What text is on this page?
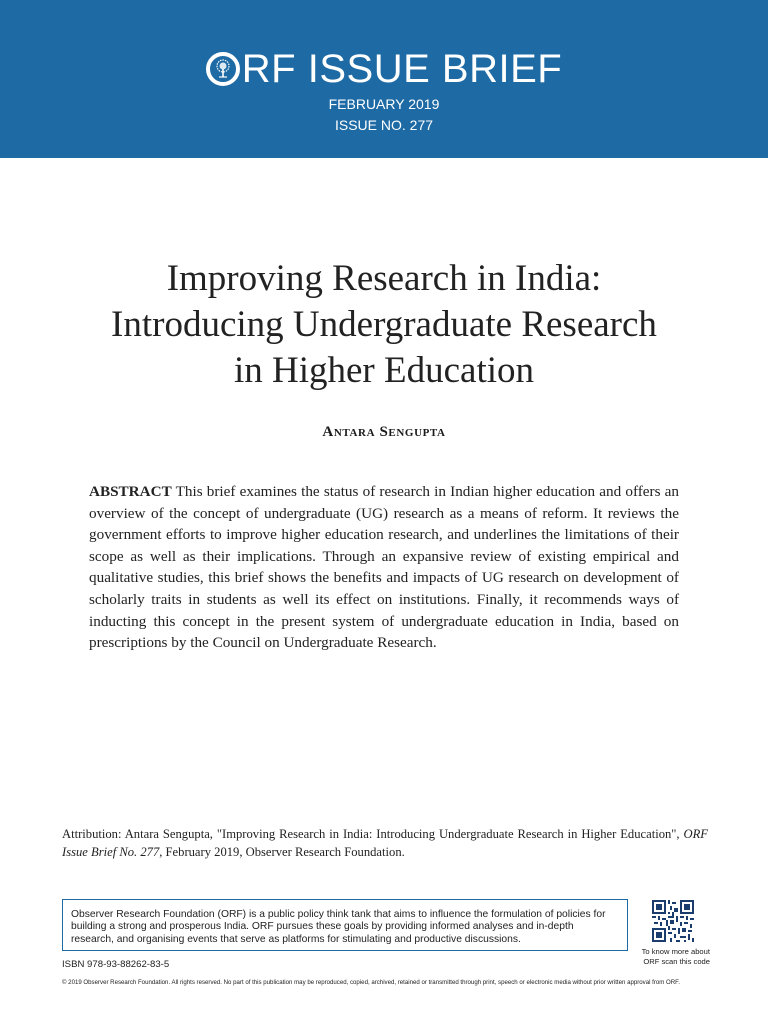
RF ISSUE BRIEF
FEBRUARY 2019
ISSUE NO. 277
Improving Research in India:
Introducing Undergraduate Research
in Higher Education
Antara Sengupta
ABSTRACT This brief examines the status of research in Indian higher education and offers an overview of the concept of undergraduate (UG) research as a means of reform. It reviews the government efforts to improve higher education research, and underlines the limitations of their scope as well as their implications. Through an expansive review of existing empirical and qualitative studies, this brief shows the benefits and impacts of UG research on development of scholarly traits in students as well its effect on institutions. Finally, it recommends ways of inducting this concept in the present system of undergraduate education in India, based on prescriptions by the Council on Undergraduate Research.
Attribution: Antara Sengupta, "Improving Research in India: Introducing Undergraduate Research in Higher Education", ORF Issue Brief No. 277, February 2019, Observer Research Foundation.
Observer Research Foundation (ORF) is a public policy think tank that aims to influence the formulation of policies for building a strong and prosperous India. ORF pursues these goals by providing informed analyses and in-depth research, and organising events that serve as platforms for stimulating and productive discussions.
To know more about
ORF scan this code
ISBN 978-93-88262-83-5
© 2019 Observer Research Foundation. All rights reserved. No part of this publication may be reproduced, copied, archived, retained or transmitted through print, speech or electronic media without prior written approval from ORF.
